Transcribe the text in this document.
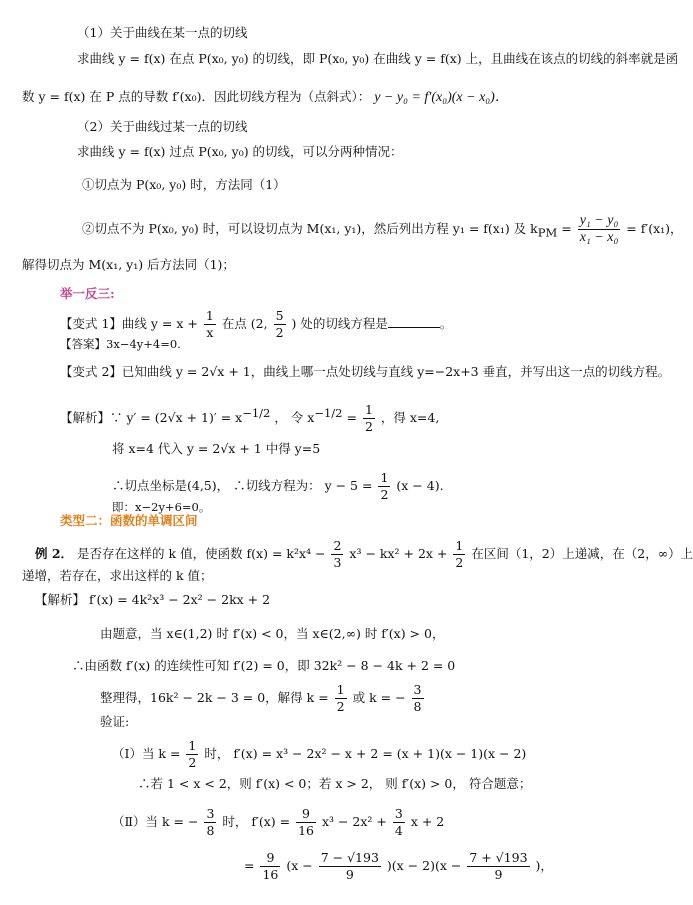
（1）关于曲线在某一点的切线
求曲线 y = f(x) 在点 P(x₀, y₀) 的切线，即 P(x₀, y₀) 在曲线 y = f(x) 上，且曲线在该点的切线的斜率就是函
数 y = f(x) 在 P 点的导数 f′(x₀)．因此切线方程为（点斜式）： y − y₀ = f′(x₀)(x − x₀)．
（2）关于曲线过某一点的切线
求曲线 y = f(x) 过点 P(x₀, y₀) 的切线，可以分两种情况：
①切点为 P(x₀, y₀) 时，方法同（1）
②切点不为 P(x₀, y₀) 时，可以设切点为 M(x₁, y₁)，然后列出方程 y₁ = f(x₁) 及 $k_{PM} = \frac{\text{y₁ − y₀}}{\text{x₁ − x₀}} = f'(x_1)$，
解得切点为 M(x₁, y₁) 后方法同（1)；
举一反三:
【变式 1】曲线 $y = x + \frac{1}{x}$ 在点 (2, $\frac{5}{2}$ ) 处的切线方程是	。
【答案】3x−4y+4=0.
【变式 2】已知曲线 y = 2√x + 1，曲线上哪一点处切线与直线 y=−2x+3 垂直，并写出这一点的切线方程。
【解析】∵ $y' = (2√x + 1)' = x^{-1/2}$ ， 令 $x^{-1/2} = \frac{1}{2}$ ，得 x=4,
将 x=4 代入 y = 2√x + 1 中得 y=5
∴切点坐标是(4,5)， ∴切线方程为： $y - 5 = \frac{1}{2} (x - 4)$.
即：x−2y+6=0。
类型二：函数的单调区间
例 2． 是否存在这样的 k 值，使函数 $f(x) = k^2x^4 - \frac{2}{3} x^3 - kx^2 + 2x + \frac{1}{2}$ 在区间（1，2）上递减，在（2，∞）上
递增，若存在，求出这样的 k 值；
【解析】 f′(x) = 4k²x³ − 2x² − 2kx + 2
由题意，当 x∈(1,2) 时 f′(x) < 0，当 x∈(2,∞) 时 f′(x) > 0，
∴由函数 f′(x) 的连续性可知 f′(2) = 0，即 32k² − 8 − 4k + 2 = 0
整理得，16k² − 2k − 3 = 0，解得 $k = \frac{1}{2}$ 或 k = − $\frac{3}{8}$
验证:
（Ⅰ）当 $k = \frac{1}{2}$ 时， f′(x) = x³ − 2x² − x + 2 = (x + 1)(x − 1)(x − 2)
∴若 1 < x < 2，则 f′(x) < 0；若 x > 2， 则 f′(x) > 0， 符合题意；
（Ⅱ）当 k = − $\frac{3}{8}$ 时， $f'(x) = \frac{9}{16} x^3 - 2x^2 + \frac{3}{4}$ x + 2
= $\frac{9}{16} (x - \frac{7 - √193}{9} )(x - 2)(x - \frac{7 + √193}{9}$ )，
